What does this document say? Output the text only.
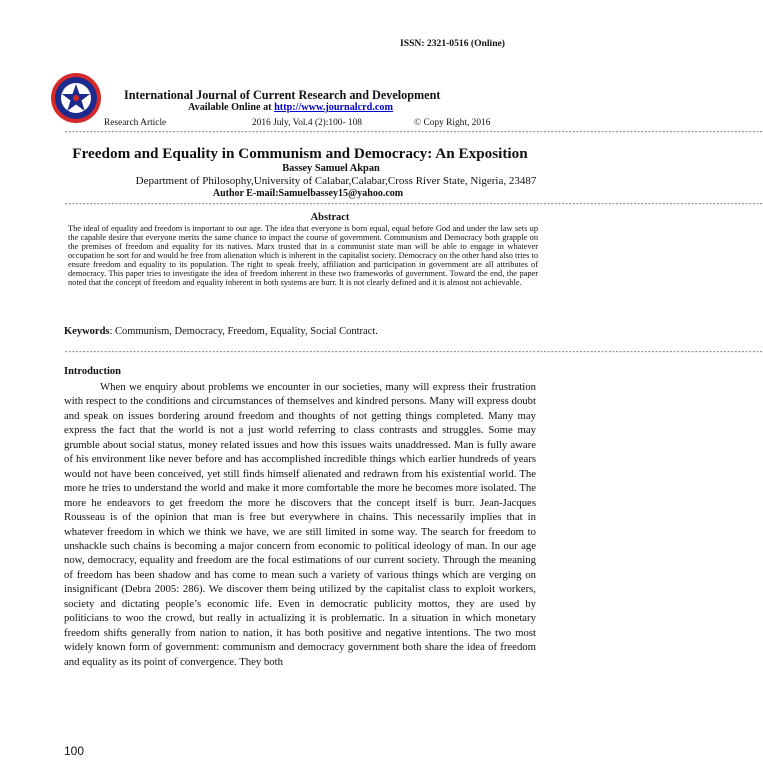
ISSN: 2321-0516 (Online)
International Journal of Current Research and Development
Available Online at http://www.journalcrd.com
Research Article	2016 July, Vol.4 (2):100- 108	© Copy Right, 2016
--------------------------------------------------------------------------------------------------------------------------------------------------------------------------------------------------
Freedom and Equality in Communism and Democracy: An Exposition
Bassey Samuel Akpan
Department of Philosophy,University of Calabar,Calabar,Cross River State, Nigeria, 23487
Author E-mail:Samuelbassey15@yahoo.com
--------------------------------------------------------------------------------------------------------------------------------------------------------------------------------------------------
Abstract
The ideal of equality and freedom is important to our age. The idea that everyone is born equal, equal before God and under the law sets up the capable desire that everyone merits the same chance to impact the course of government. Communism and Democracy both grapple on the premises of freedom and equality for its natives. Marx trusted that in a communist state man will be able to engage in whatever occupation he sort for and would be free from alienation which is inherent in the capitalist society. Democracy on the other hand also tries to ensure freedom and equality to its population. The right to speak freely, affiliation and participation in government are all attributes of democracy. This paper tries to investigate the idea of freedom inherent in these two frameworks of government. Toward the end, the paper noted that the concept of freedom and equality inherent in both systems are burr. It is not clearly defined and it is almost not achievable.
Keywords: Communism, Democracy, Freedom, Equality, Social Contract.
--------------------------------------------------------------------------------------------------------------------------------------------------------------------------------------------------
Introduction
When we enquiry about problems we encounter in our societies, many will express their frustration with respect to the conditions and circumstances of themselves and kindred persons. Many will express doubt and speak on issues bordering around freedom and thoughts of not getting things completed. Many may express the fact that the world is not a just world referring to class contrasts and struggles. Some may grumble about social status, money related issues and how this issues waits unaddressed. Man is fully aware of his environment like never before and has accomplished incredible things which earlier hundreds of years would not have been conceived, yet still finds himself alienated and redrawn from his existential world. The more he tries to understand the world and make it more comfortable the more he becomes more isolated. The more he endeavors to get freedom the more he discovers that the concept itself is burr. Jean-Jacques Rousseau is of the opinion that man is free but everywhere in chains. This necessarily implies that in whatever freedom in which we think we have, we are still limited in some way. The search for freedom to unshackle such chains is becoming a major concern from economic to political ideology of man. In our age now, democracy, equality and freedom are the focal estimations of our current society. Through the meaning of freedom has been shadow and has come to mean such a variety of various things which are verging on insignificant (Debra 2005: 286). We discover them being utilized by the capitalist class to exploit workers, society and dictating people’s economic life. Even in democratic publicity mottos, they are used by politicians to woo the crowd, but really in actualizing it is problematic. In a situation in which monetary freedom shifts generally from nation to nation, it has both positive and negative intentions. The two most widely known form of government: communism and democracy government both share the idea of freedom and equality as its point of convergence. They both
100
